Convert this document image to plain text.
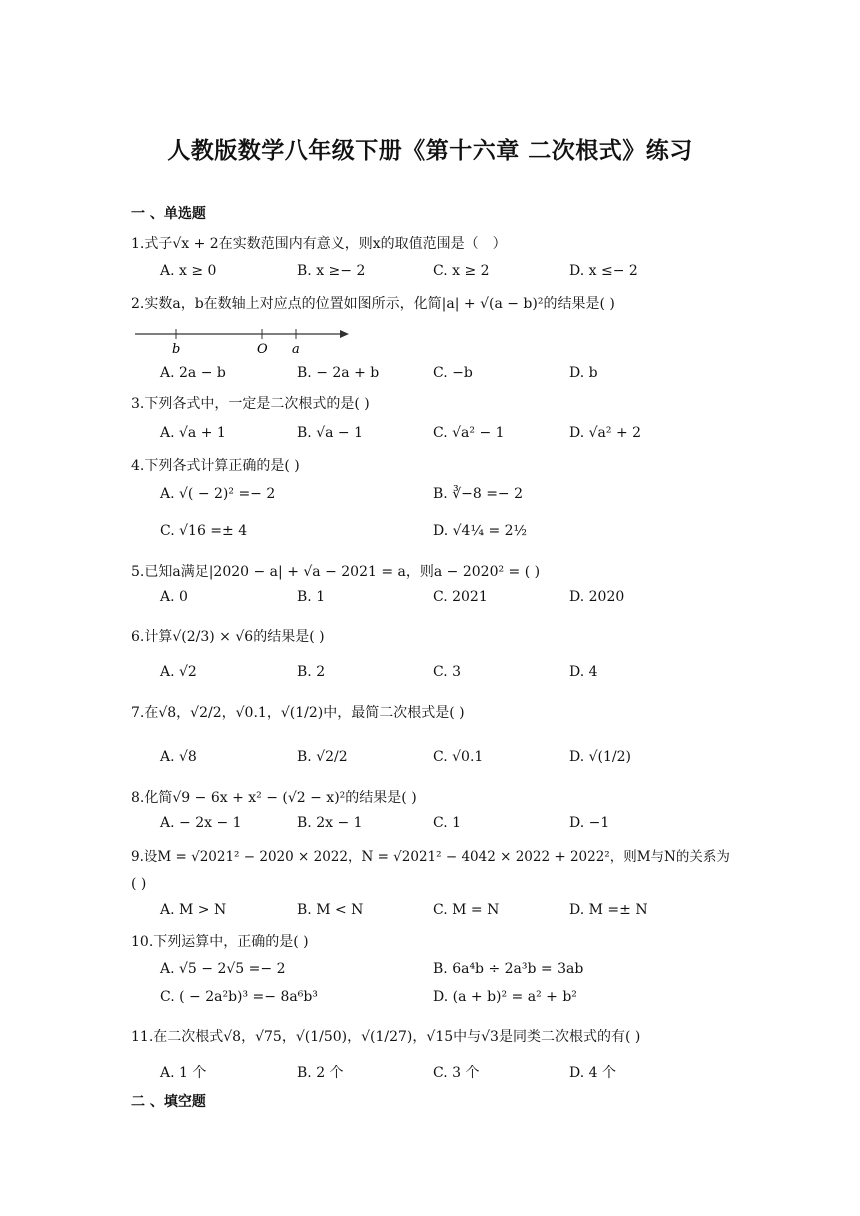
人教版数学八年级下册《第十六章 二次根式》练习
一 、单选题
1.式子√x + 2在实数范围内有意义，则x的取值范围是（　）
A. x ≥ 0	B. x ≥− 2	C. x ≥ 2	D. x ≤− 2
2.实数a，b在数轴上对应点的位置如图所示，化简|a| + √(a − b)²的结果是( )
b	O a
A. 2a − b	B. − 2a + b	C. −b	D. b
3.下列各式中，一定是二次根式的是( )
A. √a + 1	B. √a − 1	C. √a² − 1	D. √a² + 2
4.下列各式计算正确的是( )
A. √( − 2)² =− 2	B. ∛−8 =− 2
C. √16 =± 4	D. √4¼ = 2½
5.已知a满足|2020 − a| + √a − 2021 = a，则a − 2020² = ( )
A. 0	B. 1	C. 2021	D. 2020
6.计算√(2/3) × √6的结果是( )
A. √2	B. 2	C. 3	D. 4
7.在√8，√2/2，√0.1，√(1/2)中，最简二次根式是( )
A. √8	B. √2/2	C. √0.1	D. √(1/2)
8.化简√9 − 6x + x² − (√2 − x)²的结果是( )
A. − 2x − 1	B. 2x − 1	C. 1	D. −1
9.设M = √2021² − 2020 × 2022，N = √2021² − 4042 × 2022 + 2022²，则M与N的关系为
( )
A. M > N	B. M < N	C. M = N	D. M =± N
10.下列运算中，正确的是( )
A. √5 − 2√5 =− 2	B. 6a⁴b ÷ 2a³b = 3ab
C. ( − 2a²b)³ =− 8a⁶b³	D. (a + b)² = a² + b²
11.在二次根式√8，√75，√(1/50)，√(1/27)，√15中与√3是同类二次根式的有( )
A. 1 个	B. 2 个	C. 3 个	D. 4 个
二 、填空题
